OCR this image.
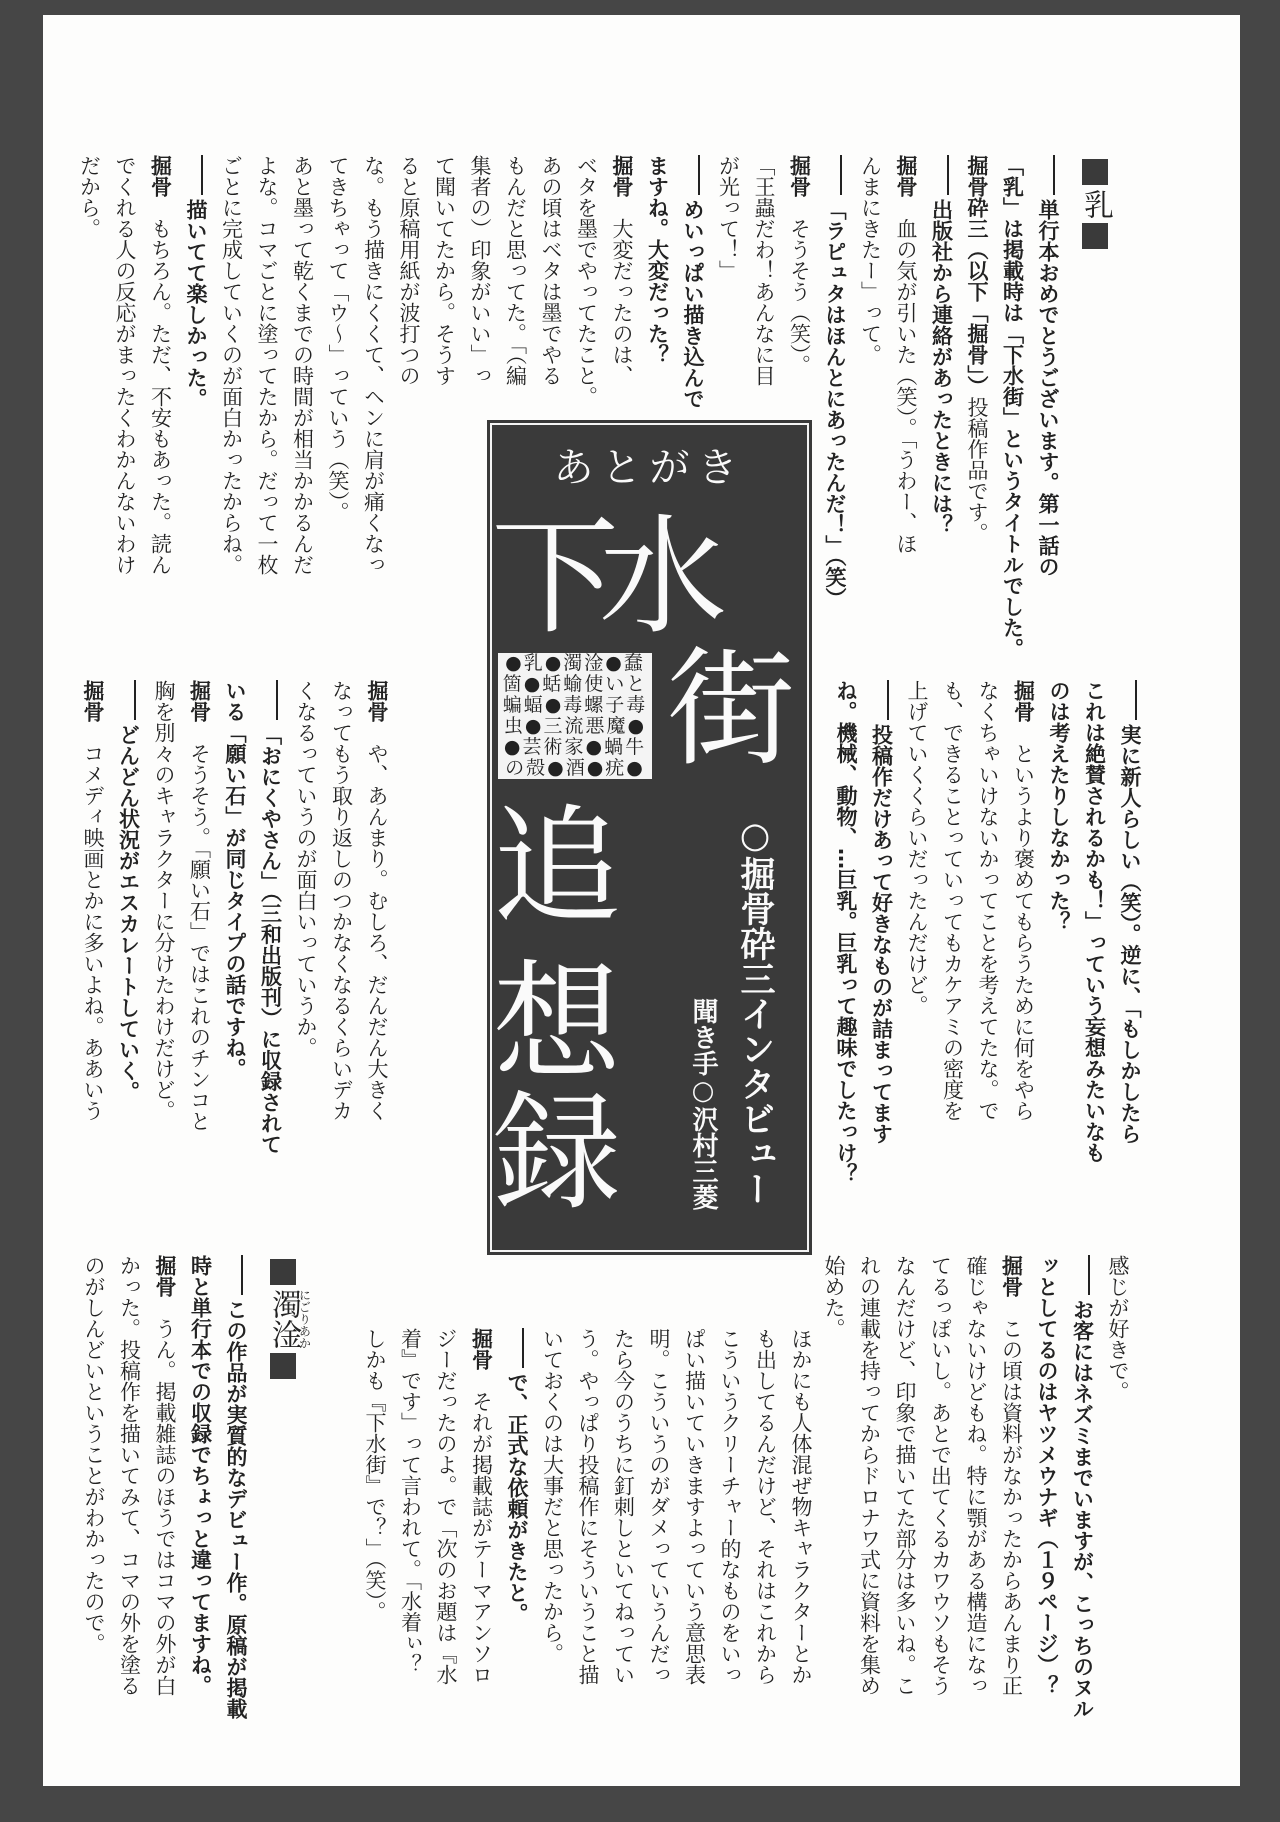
乳
単行本おめでとうございます。第一話の
「乳」は掲載時は「下水街」というタイトルでした。
掘骨砕三（以下「掘骨」）投稿作品です。
出版社から連絡があったときには？
掘骨血の気が引いた（笑）。「うわー、ほ
んまにきたー」って。
「ラピュタはほんとにあったんだ！」（笑）
掘骨そうそう（笑）。
「王蟲だわ！あんなに目
が光って！」
めいっぱい描き込んで
ますね。大変だった？
掘骨大変だったのは、
ベタを墨でやってたこと。
あの頃はベタは墨でやる
もんだと思ってた。「（編
集者の）印象がいい」っ
て聞いてたから。そうす
ると原稿用紙が波打つの
な。もう描きにくくて、ヘンに肩が痛くなっ
てきちゃって「ウ～」っていう（笑）。
あと墨って乾くまでの時間が相当かかるんだ
よな。コマごとに塗ってたから。だって一枚
ごとに完成していくのが面白かったからね。
描いてて楽しかった。
掘骨もちろん。ただ、不安もあった。読ん
でくれる人の反応がまったくわかんないわけ
だから。
実に新人らしい（笑）。逆に、「もしかしたら
これは絶賛されるかも！」っていう妄想みたいなも
のは考えたりしなかった？
掘骨というより褒めてもらうために何をやら
なくちゃいけないかってことを考えてたな。で
も、できることっていってもカケアミの密度を
上げていくくらいだったんだけど。
投稿作だけあって好きなものが詰まってます
ね。機械、動物、…巨乳。巨乳って趣味でしたっけ？
掘骨や、あんまり。むしろ、だんだん大きく
なってもう取り返しのつかなくなるくらいデカ
くなるっていうのが面白いっていうか。
「おにくやさん」（三和出版刊）に収録されて
いる「願い石」が同じタイプの話ですね。
掘骨そうそう。「願い石」ではこれのチンコと
胸を別々のキャラクターに分けたわけだけど。
どんどん状況がエスカレートしていく。
掘骨コメディ映画とかに多いよね。ああいう
感じが好きで。
お客にはネズミまでいますが、こっちのヌル
ッとしてるのはヤツメウナギ（１９ページ）？
掘骨この頃は資料がなかったからあんまり正
確じゃないけどもね。特に顎がある構造になっ
てるっぽいし。あとで出てくるカワウソもそう
なんだけど、印象で描いてた部分は多いね。こ
れの連載を持ってからドロナワ式に資料を集め
始めた。
ほかにも人体混ぜ物キャラクターとか
も出してるんだけど、それはこれから
こういうクリーチャー的なものをいっ
ぱい描いていきますよっていう意思表
明。こういうのがダメっていうんだっ
たら今のうちに釘刺しといてねってい
う。やっぱり投稿作にそういうこと描
いておくのは大事だと思ったから。
で、正式な依頼がきたと。
掘骨それが掲載誌がテーマアンソロ
ジーだったのよ。で「次のお題は『水
着』です」って言われて。「水着ぃ？
しかも『下水街』で？」（笑）。
濁淦にごりあか
この作品が実質的なデビュー作。原稿が掲載
時と単行本での収録でちょっと違ってますね。
掘骨うん。掲載雑誌のほうではコマの外が白
かった。投稿作を描いてみて、コマの外を塗る
のがしんどいということがわかったので。
あとがき
下
水
街
追
想
録
●乳●濁淦●蠢
箇●蛞蝓使いと
蝙蝠●毒螺子毒
虫●三流悪魔●
●芸術家●蝸牛
の殻●酒●疣●
○掘骨砕三インタビュー
聞き手○沢村三菱
